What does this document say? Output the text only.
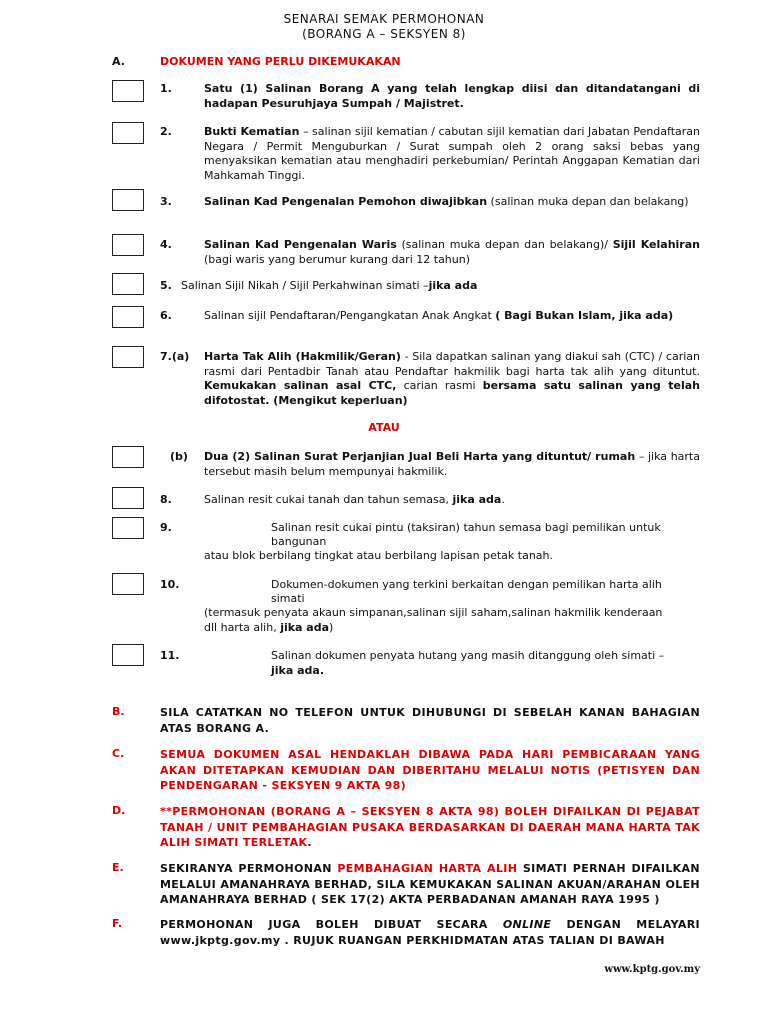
SENARAI SEMAK PERMOHONAN
(BORANG A – SEKSYEN 8)
A.	DOKUMEN YANG PERLU DIKEMUKAKAN
1.	Satu (1) Salinan Borang A yang telah lengkap diisi dan ditandatangani di hadapan Pesuruhjaya Sumpah / Majistret.
2.	Bukti Kematian – salinan sijil kematian / cabutan sijil kematian dari Jabatan Pendaftaran Negara / Permit Menguburkan / Surat sumpah oleh 2 orang saksi bebas yang menyaksikan kematian atau menghadiri perkebumian/ Perintah Anggapan Kematian dari Mahkamah Tinggi.
3.	Salinan Kad Pengenalan Pemohon diwajibkan (salinan muka depan dan belakang)
4.	Salinan Kad Pengenalan Waris (salinan muka depan dan belakang)/ Sijil Kelahiran (bagi waris yang berumur kurang dari 12 tahun)
5. Salinan Sijil Nikah / Sijil Perkahwinan simati –jika ada
6.	Salinan sijil Pendaftaran/Pengangkatan Anak Angkat ( Bagi Bukan Islam, jika ada)
7.(a) Harta Tak Alih (Hakmilik/Geran) - Sila dapatkan salinan yang diakui sah (CTC) / carian rasmi dari Pentadbir Tanah atau Pendaftar hakmilik bagi harta tak alih yang dituntut. Kemukakan salinan asal CTC, carian rasmi bersama satu salinan yang telah difotostat. (Mengikut keperluan)
ATAU
(b) Dua (2) Salinan Surat Perjanjian Jual Beli Harta yang dituntut/ rumah – jika harta tersebut masih belum mempunyai hakmilik.
8.	Salinan resit cukai tanah dan tahun semasa, jika ada.
9.	Salinan resit cukai pintu (taksiran) tahun semasa bagi pemilikan untuk
bangunan
atau blok berbilang tingkat atau berbilang lapisan petak tanah.
10.	Dokumen-dokumen yang terkini berkaitan dengan pemilikan harta alih
simati
(termasuk penyata akaun simpanan,salinan sijil saham,salinan hakmilik kenderaan
dll harta alih, jika ada)
11.	Salinan dokumen penyata hutang yang masih ditanggung oleh simati –
jika ada.
B.	SILA CATATKAN NO TELEFON UNTUK DIHUBUNGI DI SEBELAH KANAN BAHAGIAN ATAS BORANG A.
C.	SEMUA DOKUMEN ASAL HENDAKLAH DIBAWA PADA HARI PEMBICARAAN YANG AKAN DITETAPKAN KEMUDIAN DAN DIBERITAHU MELALUI NOTIS (PETISYEN DAN PENDENGARAN - SEKSYEN 9 AKTA 98)
D.	**PERMOHONAN (BORANG A – SEKSYEN 8 AKTA 98) BOLEH DIFAILKAN DI PEJABAT TANAH / UNIT PEMBAHAGIAN PUSAKA BERDASARKAN DI DAERAH MANA HARTA TAK ALIH SIMATI TERLETAK.
E.	SEKIRANYA PERMOHONAN PEMBAHAGIAN HARTA ALIH SIMATI PERNAH DIFAILKAN MELALUI AMANAHRAYA BERHAD, SILA KEMUKAKAN SALINAN AKUAN/ARAHAN OLEH AMANAHRAYA BERHAD ( SEK 17(2) AKTA PERBADANAN AMANAH RAYA 1995 )
F.	PERMOHONAN JUGA BOLEH DIBUAT SECARA ONLINE DENGAN MELAYARI www.jkptg.gov.my . RUJUK RUANGAN PERKHIDMATAN ATAS TALIAN DI BAWAH
www.kptg.gov.my
